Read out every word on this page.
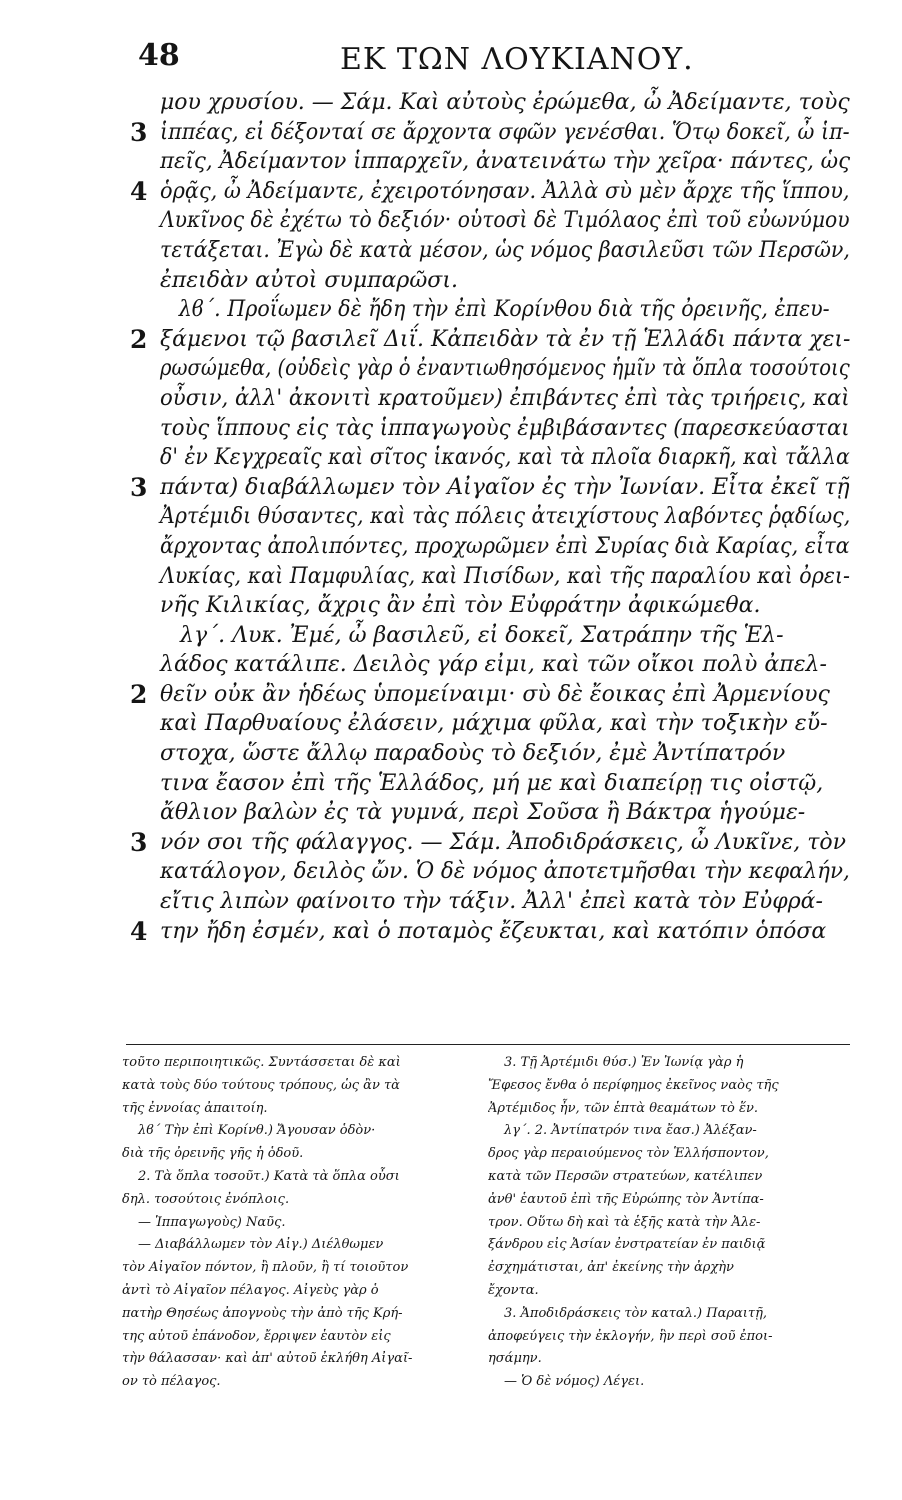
48	ΕΚ ΤΩΝ ΛΟΥΚΙΑΝΟΥ.
μου χρυσίου. — Σάμ. Καὶ αὐτοὺς ἐρώμεθα, ὦ Ἀδείμαντε, τοὺς
3 ἱππέας, εἰ δέξονταί σε ἄρχοντα σφῶν γενέσθαι. Ὅτῳ δοκεῖ, ὦ ἱπ-
πεῖς, Ἀδείμαντον ἱππαρχεῖν, ἀνατεινάτω τὴν χεῖρα· πάντες, ὡς
4 ὁρᾷς, ὦ Ἀδείμαντε, ἐχειροτόνησαν. Ἀλλὰ σὺ μὲν ἄρχε τῆς ἵππου,
Λυκῖνος δὲ ἐχέτω τὸ δεξιόν· οὑτοσὶ δὲ Τιμόλαος ἐπὶ τοῦ εὐωνύμου
τετάξεται. Ἐγὼ δὲ κατὰ μέσον, ὡς νόμος βασιλεῦσι τῶν Περσῶν,
ἐπειδὰν αὐτοὶ συμπαρῶσι.
λϐ΄. Προΐωμεν δὲ ἤδη τὴν ἐπὶ Κορίνθου διὰ τῆς ὀρεινῆς, ἐπευ-
2 ξάμενοι τῷ βασιλεῖ Διΐ. Κἀπειδὰν τὰ ἐν τῇ Ἑλλάδι πάντα χει-
ρωσώμεθα, (οὐδεὶς γὰρ ὁ ἐναντιωθησόμενος ἡμῖν τὰ ὅπλα τοσούτοις
οὖσιν, ἀλλ' ἀκονιτὶ κρατοῦμεν) ἐπιβάντες ἐπὶ τὰς τριήρεις, καὶ
τοὺς ἵππους εἰς τὰς ἱππαγωγοὺς ἐμβιβάσαντες (παρεσκεύασται
δ' ἐν Κεγχρεαῖς καὶ σῖτος ἱκανός, καὶ τὰ πλοῖα διαρκῆ, καὶ τἄλλα
3 πάντα) διαβάλλωμεν τὸν Αἰγαῖον ἐς τὴν Ἰωνίαν. Εἶτα ἐκεῖ τῇ
Ἀρτέμιδι θύσαντες, καὶ τὰς πόλεις ἀτειχίστους λαβόντες ῥᾳδίως,
ἄρχοντας ἀπολιπόντες, προχωρῶμεν ἐπὶ Συρίας διὰ Καρίας, εἶτα
Λυκίας, καὶ Παμφυλίας, καὶ Πισίδων, καὶ τῆς παραλίου καὶ ὀρει-
νῆς Κιλικίας, ἄχρις ἂν ἐπὶ τὸν Εὐφράτην ἀφικώμεθα.
λγ΄. Λυκ. Ἐμέ, ὦ βασιλεῦ, εἰ δοκεῖ, Σατράπην τῆς Ἑλ-
λάδος κατάλιπε. Δειλὸς γάρ εἰμι, καὶ τῶν οἴκοι πολὺ ἀπελ-
2 θεῖν οὐκ ἂν ἡδέως ὑπομείναιμι· σὺ δὲ ἔοικας ἐπὶ Ἀρμενίους
καὶ Παρθυαίους ἐλάσειν, μάχιμα φῦλα, καὶ τὴν τοξικὴν εὔ-
στοχα, ὥστε ἄλλῳ παραδοὺς τὸ δεξιόν, ἐμὲ Ἀντίπατρόν
τινα ἔασον ἐπὶ τῆς Ἑλλάδος, μή με καὶ διαπείρῃ τις οἰστῷ,
ἄθλιον βαλὼν ἐς τὰ γυμνά, περὶ Σοῦσα ἢ Βάκτρα ἡγούμε-
3 νόν σοι τῆς φάλαγγος. — Σάμ. Ἀποδιδράσκεις, ὦ Λυκῖνε, τὸν
κατάλογον, δειλὸς ὤν. Ὁ δὲ νόμος ἀποτετμῆσθαι τὴν κεφαλήν,
εἴτις λιπὼν φαίνοιτο τὴν τάξιν. Ἀλλ' ἐπεὶ κατὰ τὸν Εὐφρά-
4 την ἤδη ἐσμέν, καὶ ὁ ποταμὸς ἔζευκται, καὶ κατόπιν ὁπόσα
τοῦτο περιποιητικῶς. Συντάσσεται δὲ καὶ
κατὰ τοὺς δύο τούτους τρόπους, ὡς ἂν τὰ
τῆς ἐννοίας ἀπαιτοίη.
λϐ΄ Τὴν ἐπὶ Κορίνθ.) Ἄγουσαν ὁδὸν·
διὰ τῆς ὀρεινῆς γῆς ἡ ὁδοῦ.
2. Τὰ ὅπλα τοσοῦτ.) Κατὰ τὰ ὅπλα οὖσι
δηλ. τοσούτοις ἐνόπλοις.
— Ἱππαγωγοὺς) Ναῦς.
— Διαβάλλωμεν τὸν Αἰγ.) Διέλθωμεν
τὸν Αἰγαῖον πόντον, ἢ πλοῦν, ἢ τί τοιοῦτον
ἀντὶ τὸ Αἰγαῖον πέλαγος. Αἰγεὺς γὰρ ὁ
πατὴρ Θησέως ἀπογνοὺς τὴν ἀπὸ τῆς Κρή-
της αὐτοῦ ἐπάνοδον, ἔρριψεν ἑαυτὸν εἰς
τὴν θάλασσαν· καὶ ἀπ' αὐτοῦ ἐκλήθη Αἰγαῖ-
ον τὸ πέλαγος.
3. Τῇ Ἀρτέμιδι θύσ.) Ἐν Ἰωνίᾳ γὰρ ἡ
Ἔφεσος ἔνθα ὁ περίφημος ἐκεῖνος ναὸς τῆς
Ἀρτέμιδος ἦν, τῶν ἑπτὰ θεαμάτων τὸ ἕν.
λγ΄. 2. Ἀντίπατρόν τινα ἔασ.) Ἀλέξαν-
δρος γὰρ περαιούμενος τὸν Ἑλλήσποντον,
κατὰ τῶν Περσῶν στρατεύων, κατέλιπεν
ἀνθ' ἑαυτοῦ ἐπὶ τῆς Εὐρώπης τὸν Ἀντίπα-
τρον. Οὕτω δὴ καὶ τὰ ἑξῆς κατὰ τὴν Ἀλε-
ξάνδρου εἰς Ἀσίαν ἐνστρατείαν ἐν παιδιᾷ
ἐσχημάτισται, ἀπ' ἐκείνης τὴν ἀρχὴν
ἔχοντα.
3. Ἀποδιδράσκεις τὸν καταλ.) Παραιτῇ,
ἀποφεύγεις τὴν ἐκλογήν, ἣν περὶ σοῦ ἐποι-
ησάμην.
— Ὁ δὲ νόμος) Λέγει.
